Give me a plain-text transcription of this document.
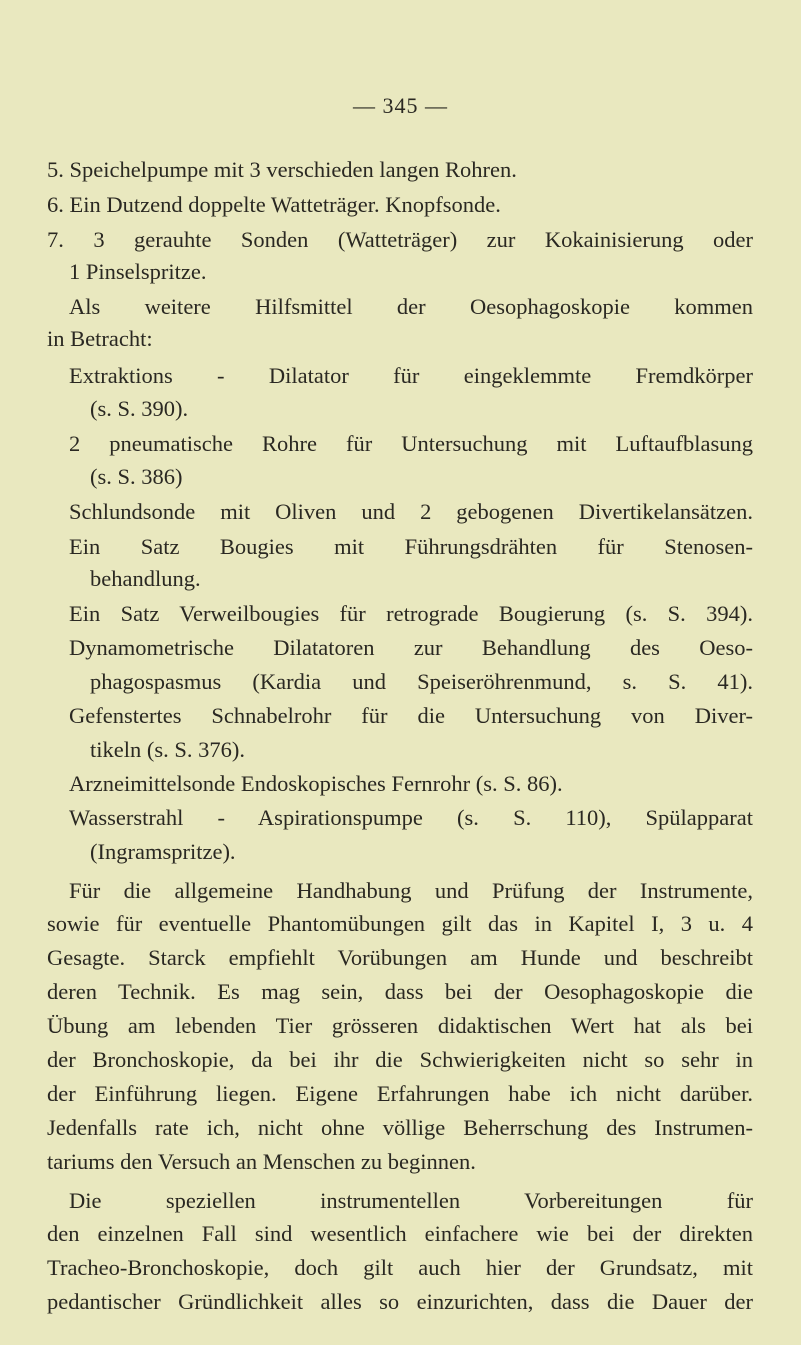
— 345 —
5. Speichelpumpe mit 3 verschieden langen Rohren.
6. Ein Dutzend doppelte Watteträger. Knopfsonde.
7. 3 gerauhte Sonden (Watteträger) zur Kokainisierung oder
1 Pinselspritze.
Als weitere Hilfsmittel der Oesophagoskopie kommen
in Betracht:
Extraktions - Dilatator für eingeklemmte Fremdkörper
(s. S. 390).
2 pneumatische Rohre für Untersuchung mit Luftaufblasung
(s. S. 386)
Schlundsonde mit Oliven und 2 gebogenen Divertikelansätzen.
Ein Satz Bougies mit Führungsdrähten für Stenosen-
behandlung.
Ein Satz Verweilbougies für retrograde Bougierung (s. S. 394).
Dynamometrische Dilatatoren zur Behandlung des Oeso-
phagospasmus (Kardia und Speiseröhrenmund, s. S. 41).
Gefenstertes Schnabelrohr für die Untersuchung von Diver-
tikeln (s. S. 376).
Arzneimittelsonde Endoskopisches Fernrohr (s. S. 86).
Wasserstrahl - Aspirationspumpe (s. S. 110), Spülapparat
(Ingramspritze).
Für die allgemeine Handhabung und Prüfung der Instrumente,
sowie für eventuelle Phantomübungen gilt das in Kapitel I, 3 u. 4
Gesagte. Starck empfiehlt Vorübungen am Hunde und beschreibt
deren Technik. Es mag sein, dass bei der Oesophagoskopie die
Übung am lebenden Tier grösseren didaktischen Wert hat als bei
der Bronchoskopie, da bei ihr die Schwierigkeiten nicht so sehr in
der Einführung liegen. Eigene Erfahrungen habe ich nicht darüber.
Jedenfalls rate ich, nicht ohne völlige Beherrschung des Instrumen-
tariums den Versuch an Menschen zu beginnen.
Die speziellen instrumentellen Vorbereitungen für
den einzelnen Fall sind wesentlich einfachere wie bei der direkten
Tracheo-Bronchoskopie, doch gilt auch hier der Grundsatz, mit
pedantischer Gründlichkeit alles so einzurichten, dass die Dauer der
